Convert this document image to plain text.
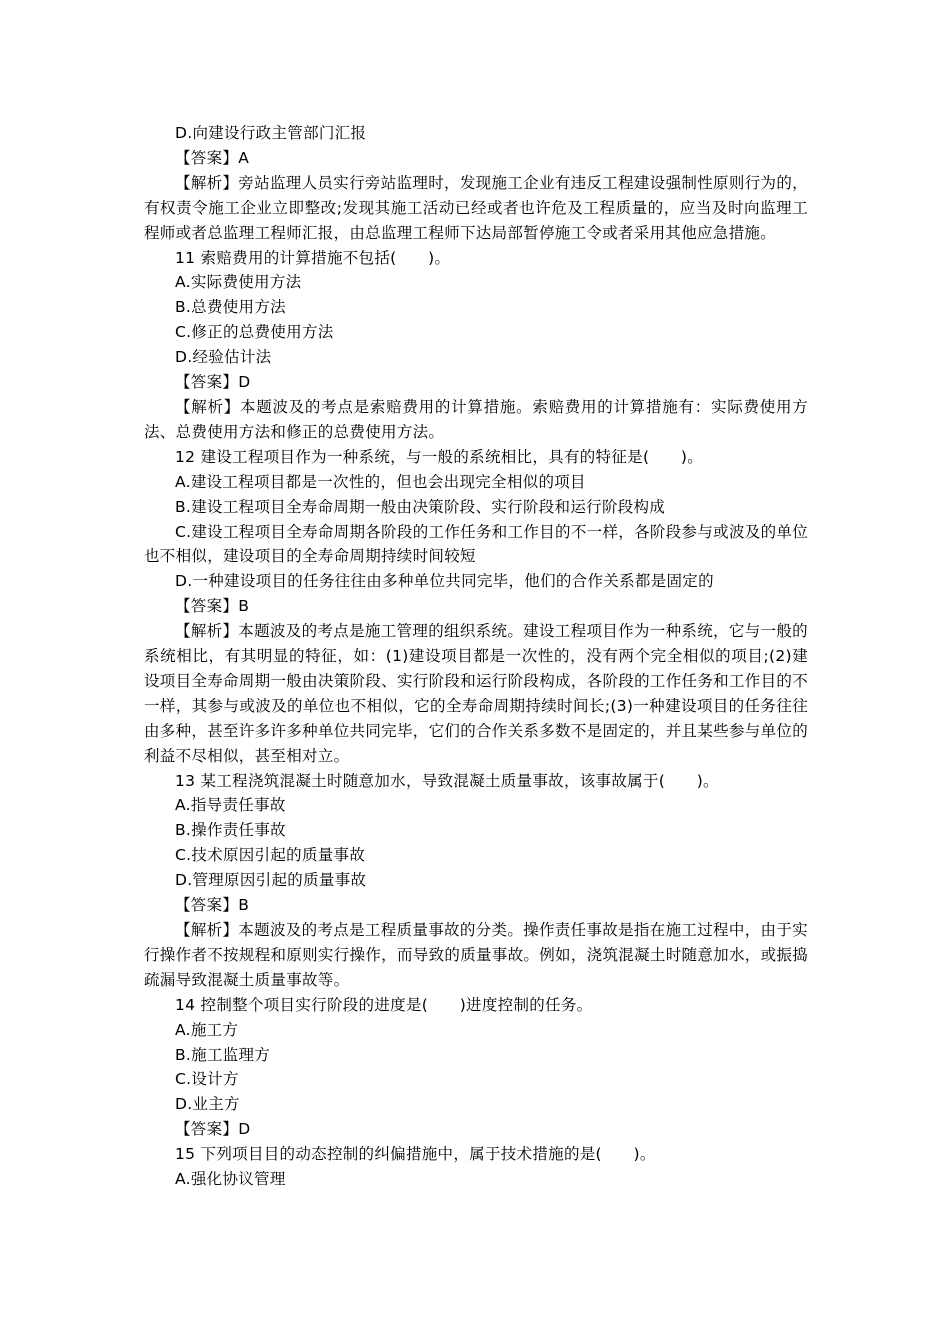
D.向建设行政主管部门汇报

【答案】A

【解析】旁站监理人员实行旁站监理时，发现施工企业有违反工程建设强制性原则行为的，有权责令施工企业立即整改;发现其施工活动已经或者也许危及工程质量的，应当及时向监理工程师或者总监理工程师汇报，由总监理工程师下达局部暂停施工令或者采用其他应急措施。

11 索赔费用的计算措施不包括(　　)。

A.实际费使用方法

B.总费使用方法

C.修正的总费使用方法

D.经验估计法

【答案】D

【解析】本题波及的考点是索赔费用的计算措施。索赔费用的计算措施有：实际费使用方法、总费使用方法和修正的总费使用方法。

12 建设工程项目作为一种系统，与一般的系统相比，具有的特征是(　　)。

A.建设工程项目都是一次性的，但也会出现完全相似的项目

B.建设工程项目全寿命周期一般由决策阶段、实行阶段和运行阶段构成

C.建设工程项目全寿命周期各阶段的工作任务和工作目的不一样，各阶段参与或波及的单位也不相似，建设项目的全寿命周期持续时间较短

D.一种建设项目的任务往往由多种单位共同完毕，他们的合作关系都是固定的

【答案】B

【解析】本题波及的考点是施工管理的组织系统。建设工程项目作为一种系统，它与一般的系统相比，有其明显的特征，如：(1)建设项目都是一次性的，没有两个完全相似的项目;(2)建设项目全寿命周期一般由决策阶段、实行阶段和运行阶段构成，各阶段的工作任务和工作目的不一样，其参与或波及的单位也不相似，它的全寿命周期持续时间长;(3)一种建设项目的任务往往由多种，甚至许多许多种单位共同完毕，它们的合作关系多数不是固定的，并且某些参与单位的利益不尽相似，甚至相对立。

13 某工程浇筑混凝土时随意加水，导致混凝土质量事故，该事故属于(　　)。

A.指导责任事故

B.操作责任事故

C.技术原因引起的质量事故

D.管理原因引起的质量事故

【答案】B

【解析】本题波及的考点是工程质量事故的分类。操作责任事故是指在施工过程中，由于实行操作者不按规程和原则实行操作，而导致的质量事故。例如，浇筑混凝土时随意加水，或振捣疏漏导致混凝土质量事故等。

14 控制整个项目实行阶段的进度是(　　)进度控制的任务。

A.施工方

B.施工监理方

C.设计方

D.业主方

【答案】D

15 下列项目目的动态控制的纠偏措施中，属于技术措施的是(　　)。

A.强化协议管理
